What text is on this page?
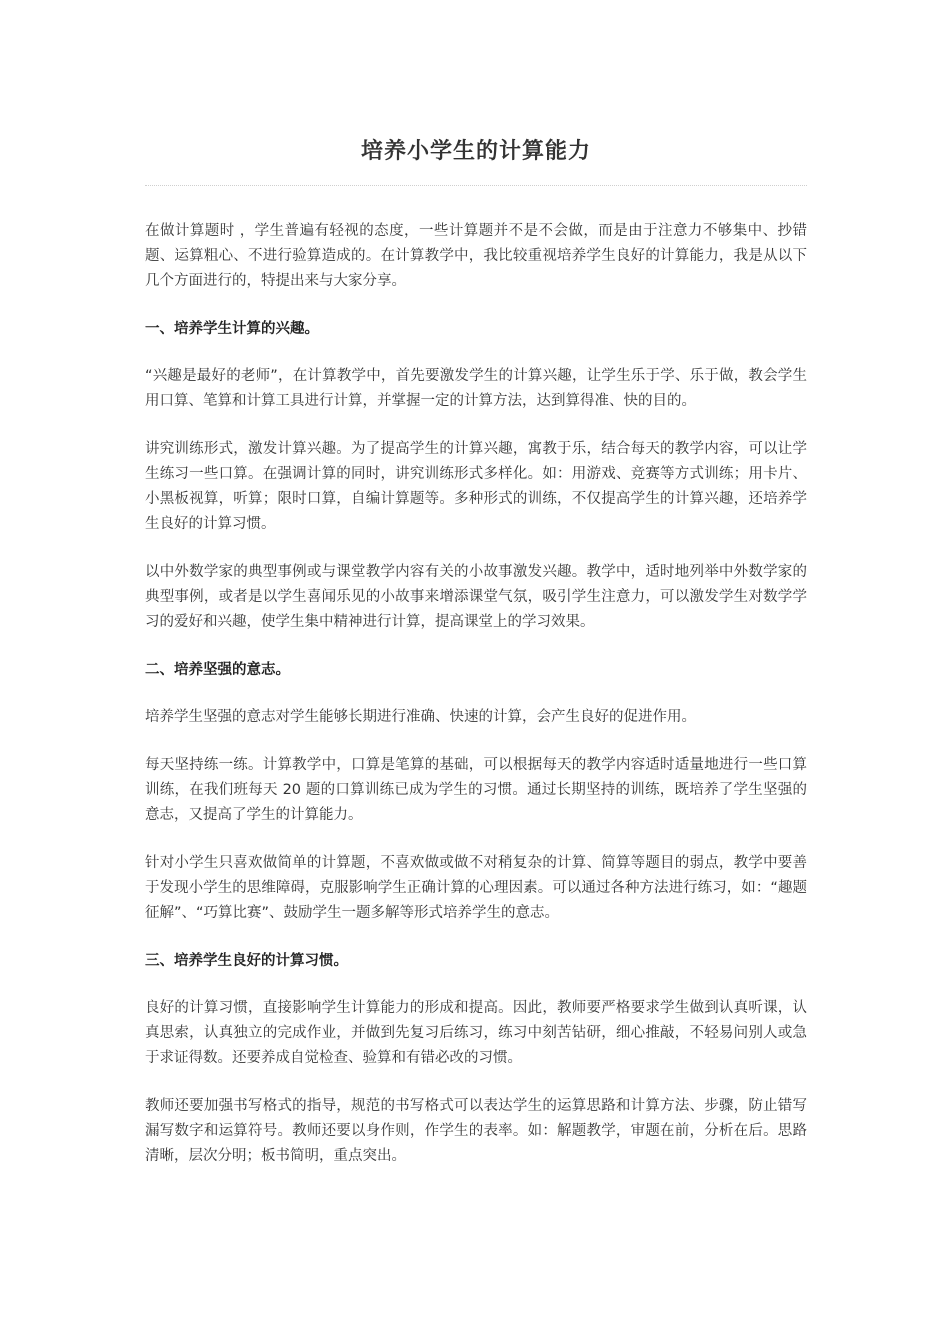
培养小学生的计算能力

在做计算题时 ，学生普遍有轻视的态度，一些计算题并不是不会做，而是由于注意力不够集中、抄错题、运算粗心、不进行验算造成的。在计算教学中，我比较重视培养学生良好的计算能力，我是从以下几个方面进行的，特提出来与大家分享。

一、培养学生计算的兴趣。

“兴趣是最好的老师”，在计算教学中，首先要激发学生的计算兴趣，让学生乐于学、乐于做，教会学生用口算、笔算和计算工具进行计算，并掌握一定的计算方法，达到算得准、快的目的。

讲究训练形式，激发计算兴趣。为了提高学生的计算兴趣，寓教于乐，结合每天的教学内容，可以让学生练习一些口算。在强调计算的同时，讲究训练形式多样化。如：用游戏、竞赛等方式训练；用卡片、小黑板视算，听算；限时口算，自编计算题等。多种形式的训练，不仅提高学生的计算兴趣，还培养学生良好的计算习惯。

以中外数学家的典型事例或与课堂教学内容有关的小故事激发兴趣。教学中，适时地列举中外数学家的典型事例，或者是以学生喜闻乐见的小故事来增添课堂气氛，吸引学生注意力，可以激发学生对数学学习的爱好和兴趣，使学生集中精神进行计算，提高课堂上的学习效果。

二、培养坚强的意志。

培养学生坚强的意志对学生能够长期进行准确、快速的计算，会产生良好的促进作用。

每天坚持练一练。计算教学中，口算是笔算的基础，可以根据每天的教学内容适时适量地进行一些口算训练，在我们班每天 20 题的口算训练已成为学生的习惯。通过长期坚持的训练，既培养了学生坚强的意志，又提高了学生的计算能力。

针对小学生只喜欢做简单的计算题，不喜欢做或做不对稍复杂的计算、简算等题目的弱点，教学中要善于发现小学生的思维障碍，克服影响学生正确计算的心理因素。可以通过各种方法进行练习，如：“趣题征解”、“巧算比赛”、鼓励学生一题多解等形式培养学生的意志。

三、培养学生良好的计算习惯。

良好的计算习惯，直接影响学生计算能力的形成和提高。因此，教师要严格要求学生做到认真听课，认真思索，认真独立的完成作业，并做到先复习后练习，练习中刻苦钻研，细心推敲，不轻易问别人或急于求证得数。还要养成自觉检查、验算和有错必改的习惯。

教师还要加强书写格式的指导，规范的书写格式可以表达学生的运算思路和计算方法、步骤，防止错写漏写数字和运算符号。教师还要以身作则，作学生的表率。如：解题教学，审题在前，分析在后。思路清晰，层次分明；板书简明，重点突出。
